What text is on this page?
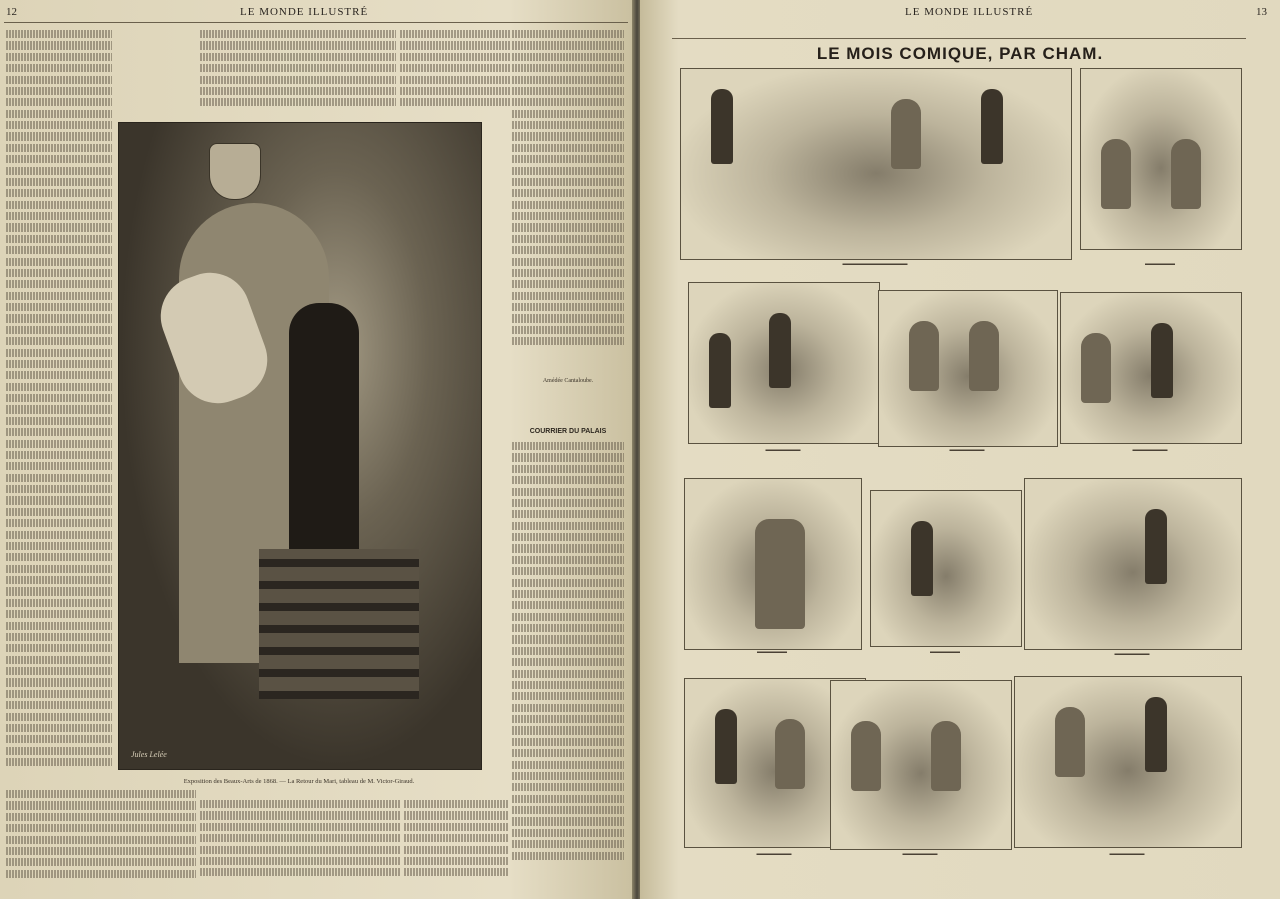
12	LE MONDE ILLUSTRÉ
Amédée Cantaloube.
COURRIER DU PALAIS
Jules Lelée
Exposition des Beaux-Arts de 1868. — La Retour du Mari, tableau de M. Victor-Giraud.
LE MONDE ILLUSTRÉ	13
LE MOIS COMIQUE, PAR CHAM.
▬▬▬▬▬▬▬▬▬▬▬▬▬	▬▬▬▬▬▬
▬▬▬▬▬▬▬	▬▬▬▬▬▬▬	▬▬▬▬▬▬▬
▬▬▬▬▬▬	▬▬▬▬▬▬	▬▬▬▬▬▬▬
▬▬▬▬▬▬▬	▬▬▬▬▬▬▬	▬▬▬▬▬▬▬
